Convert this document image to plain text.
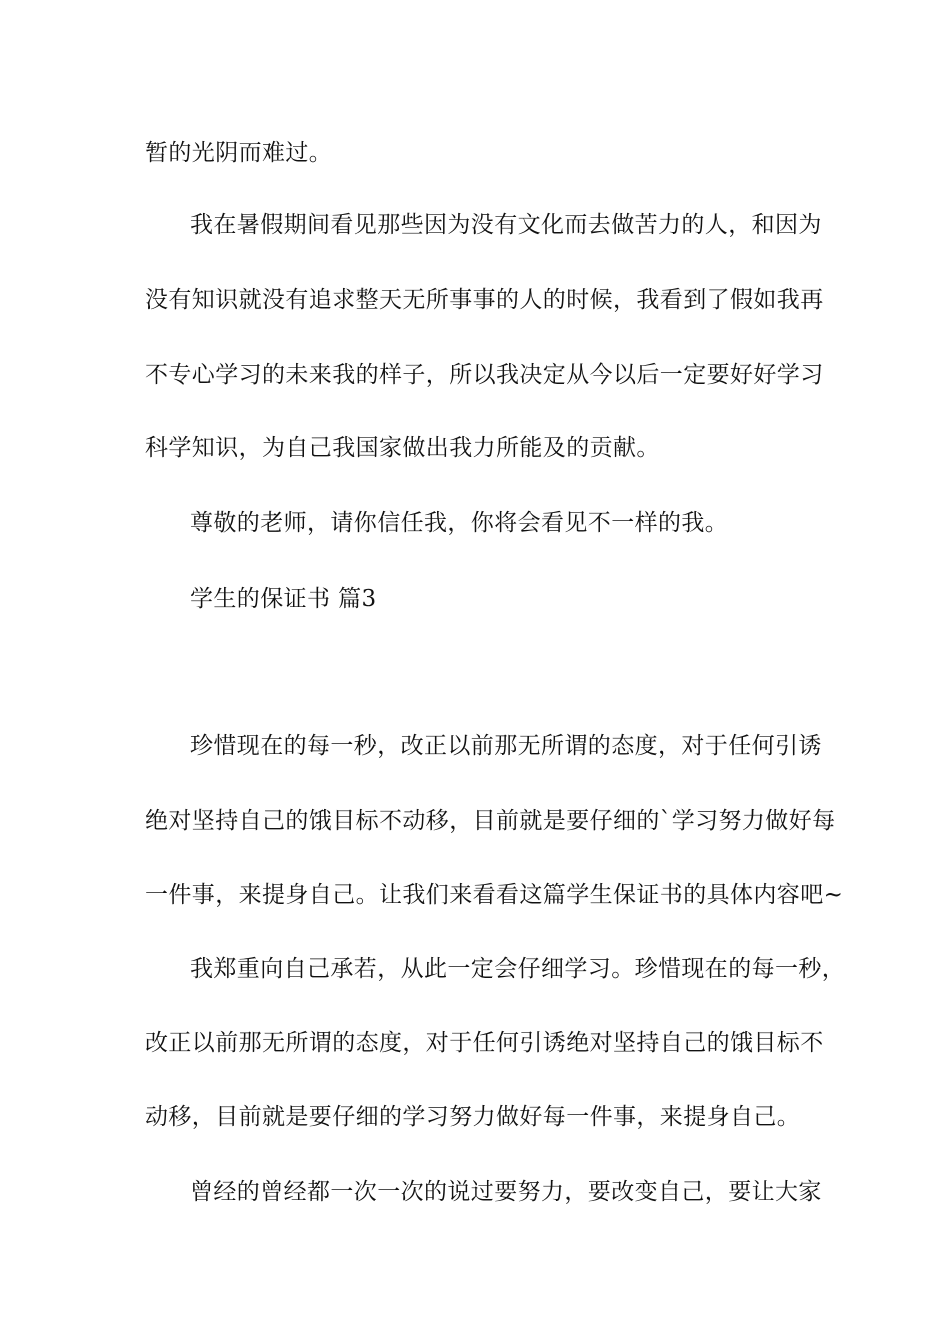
暂的光阴而难过。
我在暑假期间看见那些因为没有文化而去做苦力的人，和因为
没有知识就没有追求整天无所事事的人的时候，我看到了假如我再
不专心学习的未来我的样子，所以我决定从今以后一定要好好学习
科学知识，为自己我国家做出我力所能及的贡献。
尊敬的老师，请你信任我，你将会看见不一样的我。
学生的保证书 篇3
珍惜现在的每一秒，改正以前那无所谓的态度，对于任何引诱
绝对坚持自己的饿目标不动移，目前就是要仔细的`学习努力做好每
一件事，来提身自己。让我们来看看这篇学生保证书的具体内容吧~
我郑重向自己承若，从此一定会仔细学习。珍惜现在的每一秒，
改正以前那无所谓的态度，对于任何引诱绝对坚持自己的饿目标不
动移，目前就是要仔细的学习努力做好每一件事，来提身自己。
曾经的曾经都一次一次的说过要努力，要改变自己，要让大家
